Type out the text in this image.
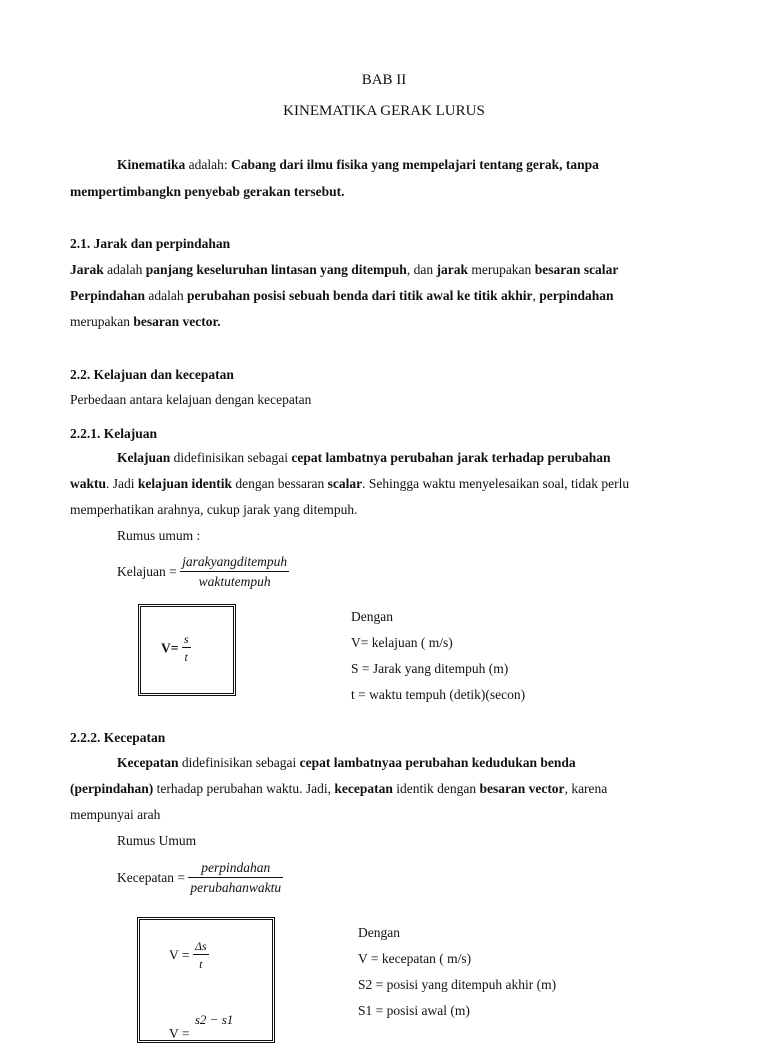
BAB II
KINEMATIKA GERAK LURUS
Kinematika adalah: Cabang dari ilmu fisika yang mempelajari tentang gerak, tanpa
mempertimbangkn penyebab gerakan tersebut.
2.1. Jarak dan perpindahan
Jarak adalah panjang keseluruhan lintasan yang ditempuh, dan jarak merupakan besaran scalar
Perpindahan adalah perubahan posisi sebuah benda dari titik awal ke titik akhir, perpindahan
merupakan besaran vector.
2.2. Kelajuan dan kecepatan
Perbedaan antara kelajuan dengan kecepatan
2.2.1. Kelajuan
Kelajuan didefinisikan sebagai cepat lambatnya perubahan jarak terhadap perubahan
waktu. Jadi kelajuan identik dengan bessaran scalar. Sehingga waktu menyelesaikan soal, tidak perlu
memperhatikan arahnya, cukup jarak yang ditempuh.
Rumus umum :
Kelajuan = $\frac{\text{jarakyangditempuh}}{\text{waktutempuh}}$
$V= \frac{s}{t}$
Dengan
V= kelajuan ( m/s)
S = Jarak yang ditempuh (m)
t = waktu tempuh (detik)(secon)
2.2.2. Kecepatan
Kecepatan didefinisikan sebagai cepat lambatnyaa perubahan kedudukan benda
(perpindahan) terhadap perubahan waktu. Jadi, kecepatan identik dengan besaran vector, karena
mempunyai arah
Rumus Umum
Kecepatan = $\frac{\text{perpindahan}}{\text{perubahanwaktu}}$
$V = \frac{\Delta s}{t}$
V =
s2 − s1
Dengan
V = kecepatan ( m/s)
S2 = posisi yang ditempuh akhir (m)
S1 = posisi awal (m)
